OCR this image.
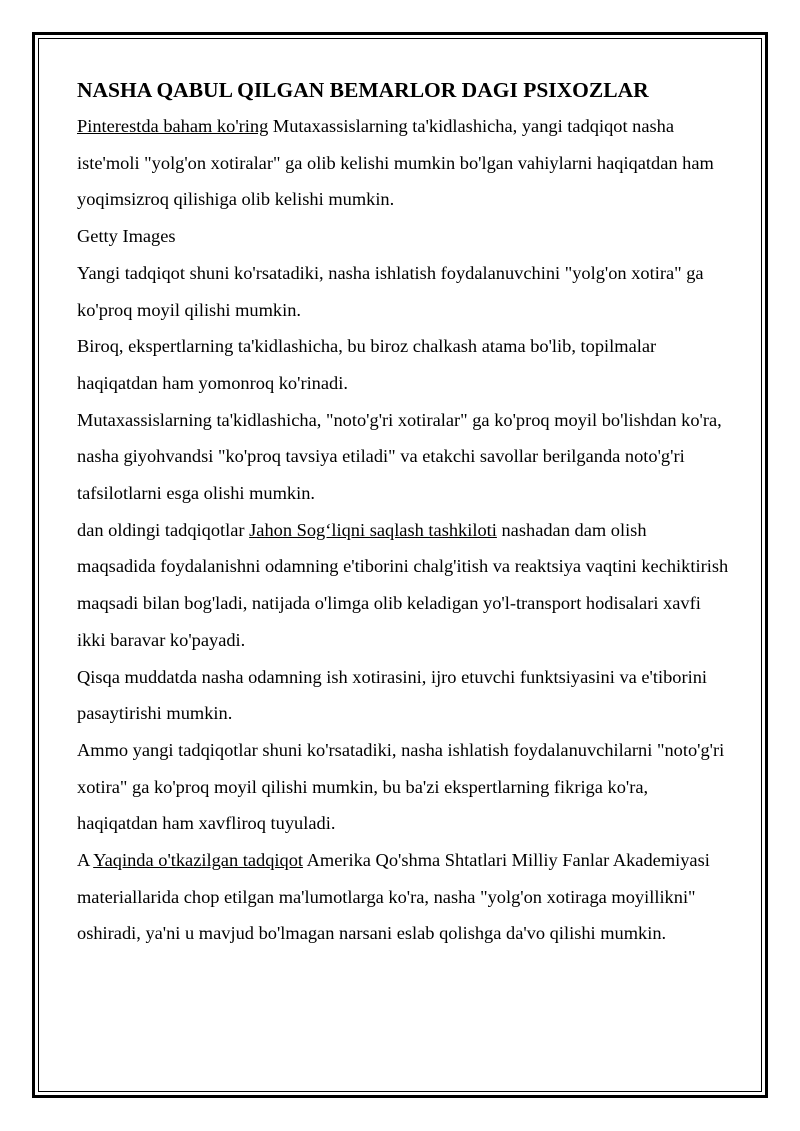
NASHA QABUL QILGAN BEMARLOR DAGI PSIXOZLAR

Pinterestda baham ko'ring Mutaxassislarning ta'kidlashicha, yangi tadqiqot nasha iste'moli "yolg'on xotiralar" ga olib kelishi mumkin bo'lgan vahiylarni haqiqatdan ham yoqimsizroq qilishiga olib kelishi mumkin.

Getty Images

Yangi tadqiqot shuni ko'rsatadiki, nasha ishlatish foydalanuvchini "yolg'on xotira" ga ko'proq moyil qilishi mumkin.

Biroq, ekspertlarning ta'kidlashicha, bu biroz chalkash atama bo'lib, topilmalar haqiqatdan ham yomonroq ko'rinadi.

Mutaxassislarning ta'kidlashicha, "noto'g'ri xotiralar" ga ko'proq moyil bo'lishdan ko'ra, nasha giyohvandsi "ko'proq tavsiya etiladi" va etakchi savollar berilganda noto'g'ri tafsilotlarni esga olishi mumkin.

dan oldingi tadqiqotlar Jahon Sog‘liqni saqlash tashkiloti nashadan dam olish maqsadida foydalanishni odamning e'tiborini chalg'itish va reaktsiya vaqtini kechiktirish maqsadi bilan bog'ladi, natijada o'limga olib keladigan yo'l-transport hodisalari xavfi ikki baravar ko'payadi.

Qisqa muddatda nasha odamning ish xotirasini, ijro etuvchi funktsiyasini va e'tiborini pasaytirishi mumkin.

Ammo yangi tadqiqotlar shuni ko'rsatadiki, nasha ishlatish foydalanuvchilarni "noto'g'ri xotira" ga ko'proq moyil qilishi mumkin, bu ba'zi ekspertlarning fikriga ko'ra, haqiqatdan ham xavfliroq tuyuladi.

A Yaqinda o'tkazilgan tadqiqot Amerika Qo'shma Shtatlari Milliy Fanlar Akademiyasi materiallarida chop etilgan ma'lumotlarga ko'ra, nasha "yolg'on xotiraga moyillikni" oshiradi, ya'ni u mavjud bo'lmagan narsani eslab qolishga da'vo qilishi mumkin.
